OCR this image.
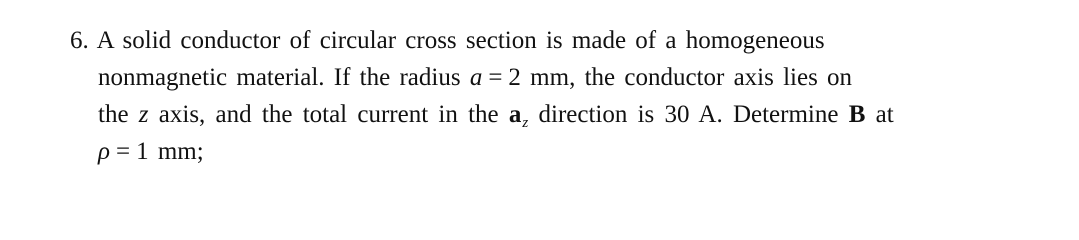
6. A solid conductor of circular cross section is made of a homogeneous
nonmagnetic material. If the radius a = 2 mm, the conductor axis lies on
the z axis, and the total current in the $a_z$ direction is 30 A. Determine B at
ρ = 1 mm;
